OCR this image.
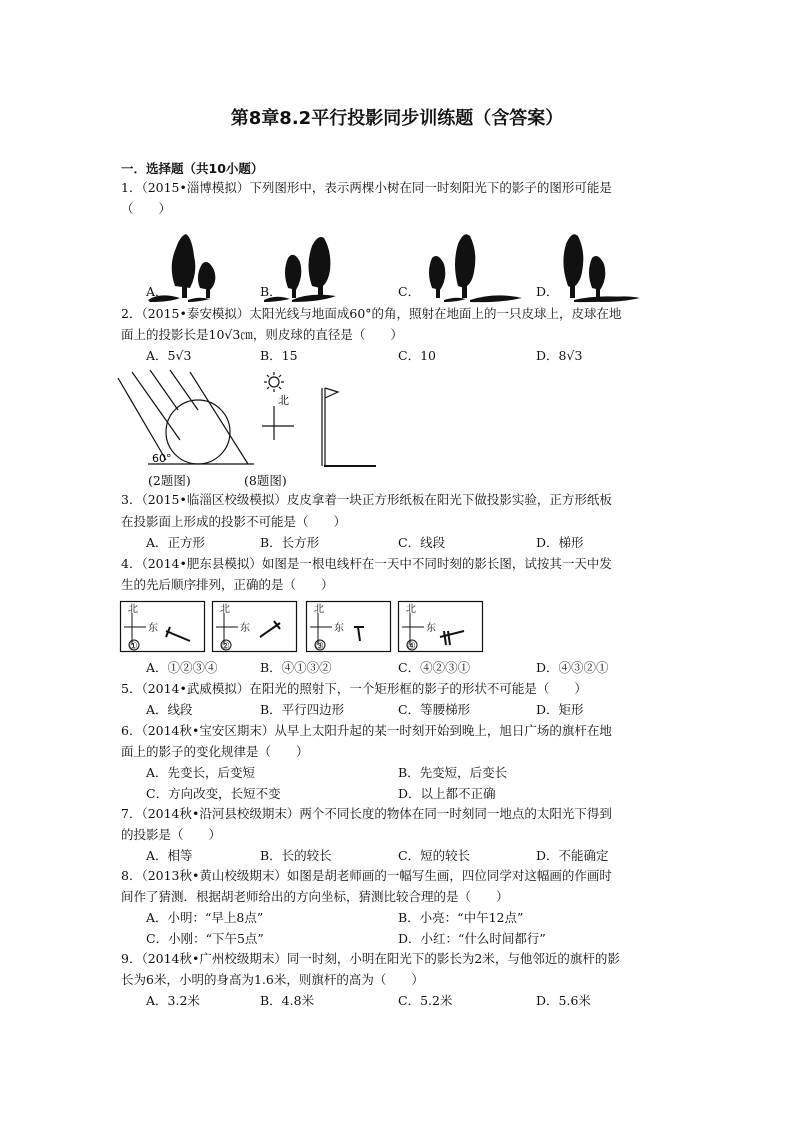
第8章8.2平行投影同步训练题（含答案）
一．选择题（共10小题）
1．（2015•淄博模拟）下列图形中，表示两棵小树在同一时刻阳光下的影子的图形可能是
（　　）
A．	B．	C．	D．
2．（2015•泰安模拟）太阳光线与地面成60°的角，照射在地面上的一只皮球上，皮球在地
面上的投影长是10√3㎝，则皮球的直径是（　　）
A．5√3	B．15	C．10	D．8√3
60°
(2题图)
北
(8题图)
3．（2015•临淄区校级模拟）皮皮拿着一块正方形纸板在阳光下做投影实验，正方形纸板
在投影面上形成的投影不可能是（　　）
A．正方形	B．长方形	C．线段	D．梯形
4．（2014•肥东县模拟）如图是一根电线杆在一天中不同时刻的影长图，试按其一天中发
生的先后顺序排列，正确的是（　　）
北
东
①
北
东
②
北
东
③
北
东
④
A．①②③④	B．④①③②	C．④②③①	D．④③②①
5．（2014•武威模拟）在阳光的照射下，一个矩形框的影子的形状不可能是（　　）
A．线段	B．平行四边形	C．等腰梯形	D．矩形
6．（2014秋•宝安区期末）从早上太阳升起的某一时刻开始到晚上，旭日广场的旗杆在地
面上的影子的变化规律是（　　）
A．先变长，后变短	B．先变短，后变长
C．方向改变，长短不变	D．以上都不正确
7．（2014秋•沿河县校级期末）两个不同长度的物体在同一时刻同一地点的太阳光下得到
的投影是（　　）
A．相等	B．长的较长	C．短的较长	D．不能确定
8．（2013秋•黄山校级期末）如图是胡老师画的一幅写生画，四位同学对这幅画的作画时
间作了猜测．根据胡老师给出的方向坐标，猜测比较合理的是（　　）
A．小明：“早上8点”	B．小亮：“中午12点”
C．小刚：“下午5点”	D．小红：“什么时间都行”
9．（2014秋•广州校级期末）同一时刻，小明在阳光下的影长为2米，与他邻近的旗杆的影
长为6米，小明的身高为1.6米，则旗杆的高为（　　）
A．3.2米	B．4.8米	C．5.2米	D．5.6米
